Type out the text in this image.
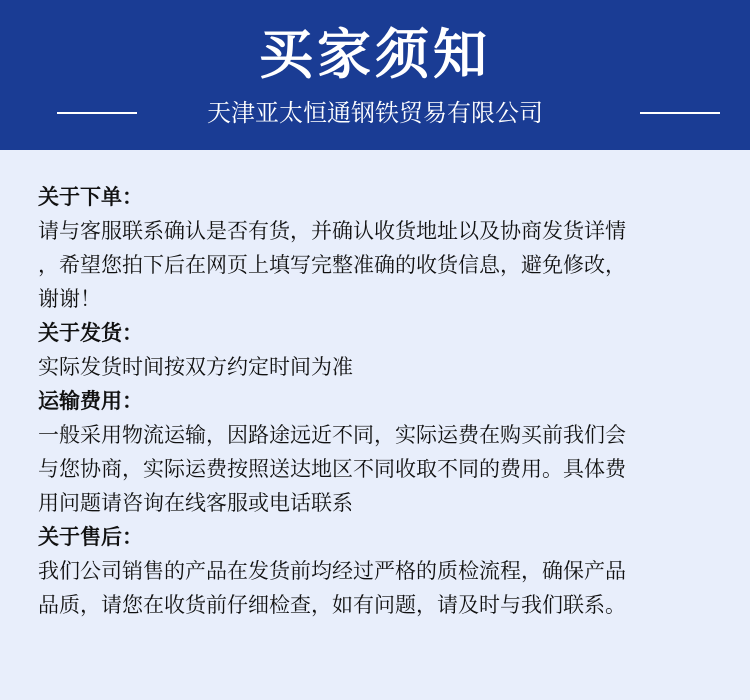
买家须知
天津亚太恒通钢铁贸易有限公司

关于下单：

请与客服联系确认是否有货，并确认收货地址以及协商发货详情

，希望您拍下后在网页上填写完整准确的收货信息，避免修改，

谢谢！

关于发货：

实际发货时间按双方约定时间为准

运输费用：

一般采用物流运输，因路途远近不同，实际运费在购买前我们会

与您协商，实际运费按照送达地区不同收取不同的费用。具体费

用问题请咨询在线客服或电话联系

关于售后：

我们公司销售的产品在发货前均经过严格的质检流程，确保产品

品质，请您在收货前仔细检查，如有问题，请及时与我们联系。
